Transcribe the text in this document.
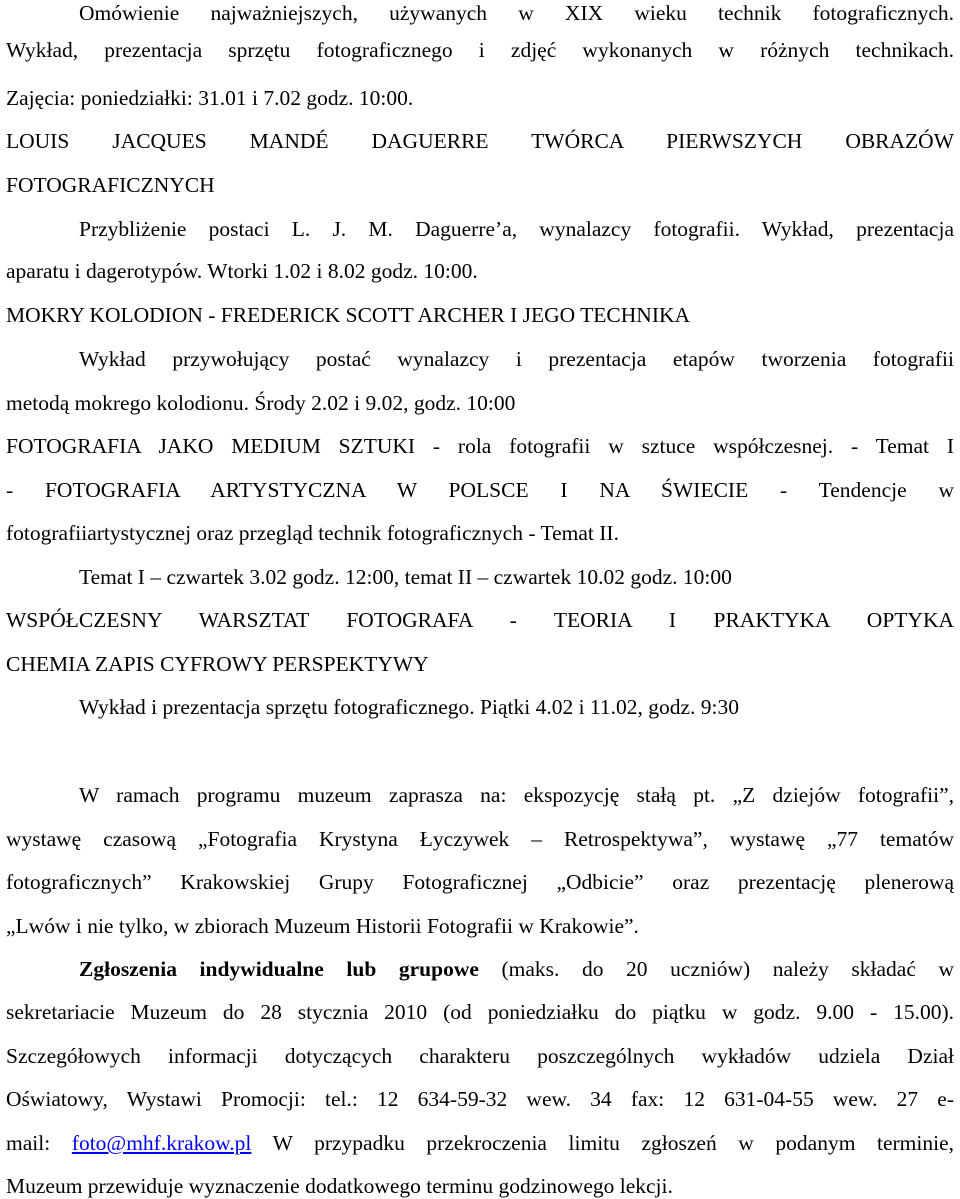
Omówienie najważniejszych, używanych w XIX wieku technik fotograficznych.
Wykład, prezentacja sprzętu fotograficznego i zdjęć wykonanych w różnych technikach.
Zajęcia: poniedziałki: 31.01 i 7.02 godz. 10:00.
LOUIS JACQUES MANDÉ DAGUERRE TWÓRCA PIERWSZYCH OBRAZÓW
FOTOGRAFICZNYCH
Przybliżenie postaci L. J. M. Daguerre’a, wynalazcy fotografii. Wykład, prezentacja
aparatu i dagerotypów. Wtorki 1.02 i 8.02 godz. 10:00.
MOKRY KOLODION - FREDERICK SCOTT ARCHER I JEGO TECHNIKA
Wykład przywołujący postać wynalazcy i prezentacja etapów tworzenia fotografii
metodą mokrego kolodionu. Środy 2.02 i 9.02, godz. 10:00
FOTOGRAFIA JAKO MEDIUM SZTUKI - rola fotografii w sztuce współczesnej. - Temat I
- FOTOGRAFIA ARTYSTYCZNA W POLSCE I NA ŚWIECIE - Tendencje w
fotografiiartystycznej oraz przegląd technik fotograficznych - Temat II.
Temat I – czwartek 3.02 godz. 12:00, temat II – czwartek 10.02 godz. 10:00
WSPÓŁCZESNY WARSZTAT FOTOGRAFA - TEORIA I PRAKTYKA OPTYKA
CHEMIA ZAPIS CYFROWY PERSPEKTYWY
Wykład i prezentacja sprzętu fotograficznego. Piątki 4.02 i 11.02, godz. 9:30
W ramach programu muzeum zaprasza na: ekspozycję stałą pt. „Z dziejów fotografii”,
wystawę czasową „Fotografia Krystyna Łyczywek – Retrospektywa”, wystawę „77 tematów
fotograficznych” Krakowskiej Grupy Fotograficznej „Odbicie” oraz prezentację plenerową
„Lwów i nie tylko, w zbiorach Muzeum Historii Fotografii w Krakowie”.
Zgłoszenia indywidualne lub grupowe (maks. do 20 uczniów) należy składać w
sekretariacie Muzeum do 28 stycznia 2010 (od poniedziałku do piątku w godz. 9.00 - 15.00).
Szczegółowych informacji dotyczących charakteru poszczególnych wykładów udziela Dział
Oświatowy, Wystawi Promocji: tel.: 12 634-59-32 wew. 34 fax: 12 631-04-55 wew. 27 e-
mail: foto@mhf.krakow.pl W przypadku przekroczenia limitu zgłoszeń w podanym terminie,
Muzeum przewiduje wyznaczenie dodatkowego terminu godzinowego lekcji.
